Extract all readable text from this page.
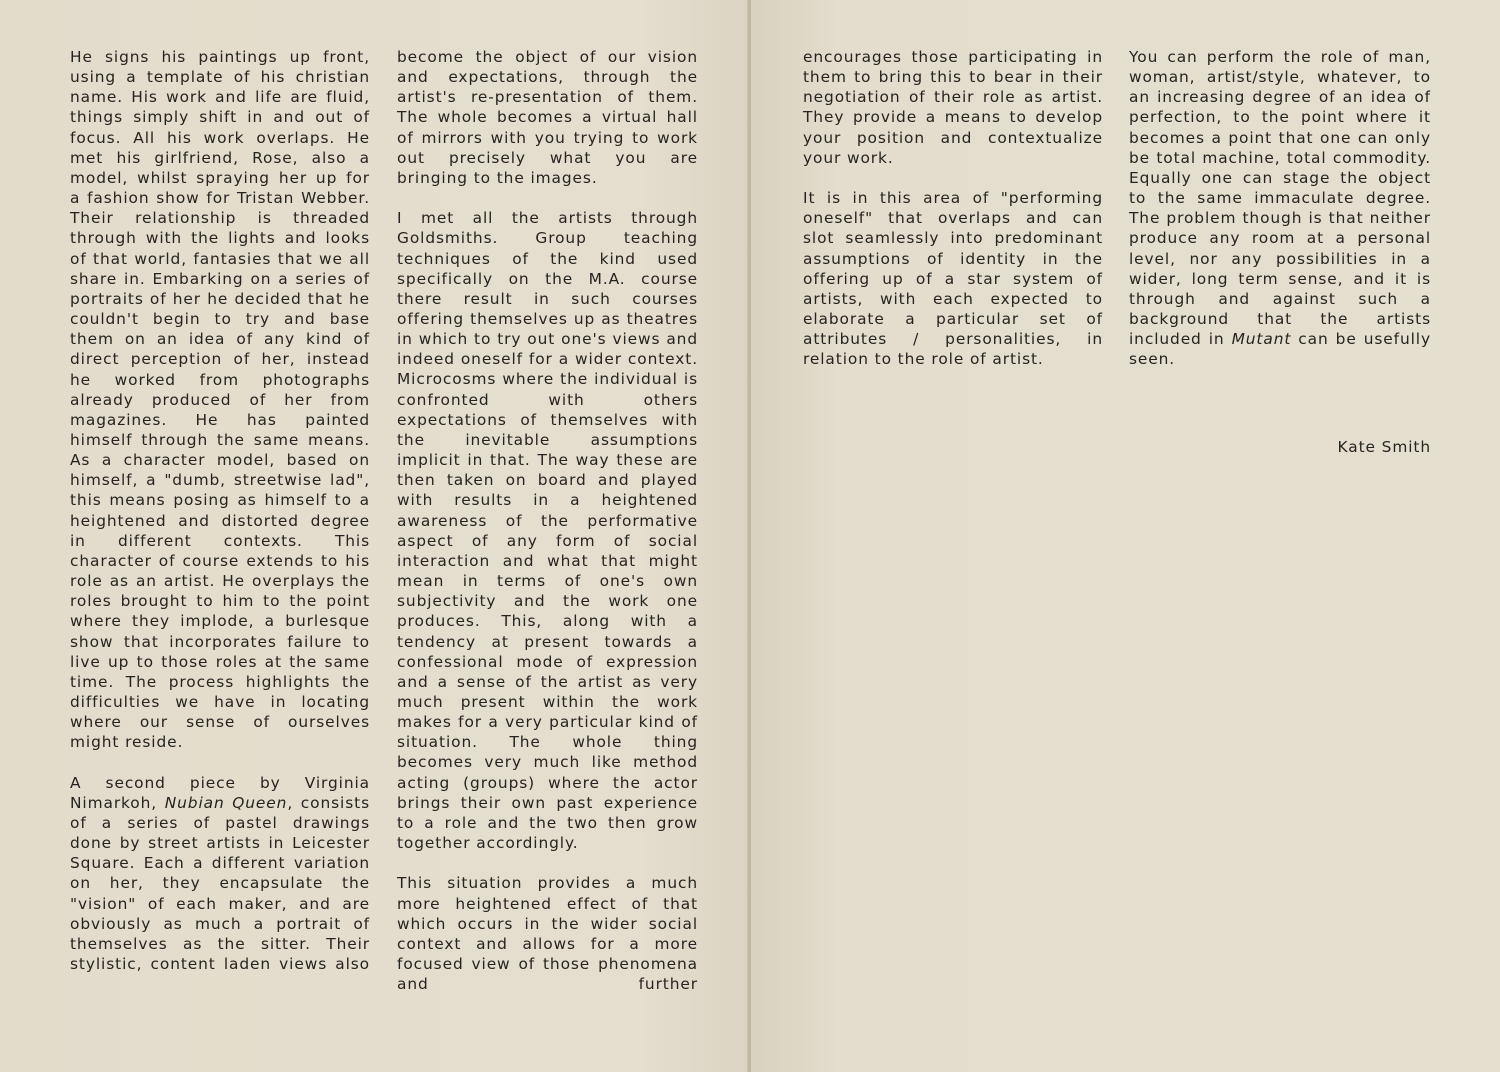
He signs his paintings up front, using a template of his christian name. His work and life are fluid, things simply shift in and out of focus. All his work overlaps. He met his girlfriend, Rose, also a model, whilst spraying her up for a fashion show for Tristan Webber. Their relationship is threaded through with the lights and looks of that world, fantasies that we all share in. Embarking on a series of portraits of her he decided that he couldn't begin to try and base them on an idea of any kind of direct perception of her, instead he worked from photographs already produced of her from magazines. He has painted himself through the same means. As a character model, based on himself, a "dumb, streetwise lad", this means posing as himself to a heightened and distorted degree in different contexts. This character of course extends to his role as an artist. He overplays the roles brought to him to the point where they implode, a burlesque show that incorporates failure to live up to those roles at the same time. The process highlights the difficulties we have in locating where our sense of ourselves might reside.

A second piece by Virginia Nimarkoh, Nubian Queen, consists of a series of pastel drawings done by street artists in Leicester Square. Each a different variation on her, they encapsulate the "vision" of each maker, and are obviously as much a portrait of themselves as the sitter. Their stylistic, content laden views also

become the object of our vision and expectations, through the artist's re-presentation of them. The whole becomes a virtual hall of mirrors with you trying to work out precisely what you are bringing to the images.

I met all the artists through Goldsmiths. Group teaching techniques of the kind used specifically on the M.A. course there result in such courses offering themselves up as theatres in which to try out one's views and indeed oneself for a wider context. Microcosms where the individual is confronted with others expectations of themselves with the inevitable assumptions implicit in that. The way these are then taken on board and played with results in a heightened awareness of the performative aspect of any form of social interaction and what that might mean in terms of one's own subjectivity and the work one produces. This, along with a tendency at present towards a confessional mode of expression and a sense of the artist as very much present within the work makes for a very particular kind of situation. The whole thing becomes very much like method acting (groups) where the actor brings their own past experience to a role and the two then grow together accordingly.

This situation provides a much more heightened effect of that which occurs in the wider social context and allows for a more focused view of those phenomena and further

encourages those participating in them to bring this to bear in their negotiation of their role as artist. They provide a means to develop your position and contextualize your work.

It is in this area of "performing oneself" that overlaps and can slot seamlessly into predominant assumptions of identity in the offering up of a star system of artists, with each expected to elaborate a particular set of attributes / personalities, in relation to the role of artist.

You can perform the role of man, woman, artist/style, whatever, to an increasing degree of an idea of perfection, to the point where it becomes a point that one can only be total machine, total commodity. Equally one can stage the object to the same immaculate degree. The problem though is that neither produce any room at a personal level, nor any possibilities in a wider, long term sense, and it is through and against such a background that the artists included in Mutant can be usefully seen.

Kate Smith
